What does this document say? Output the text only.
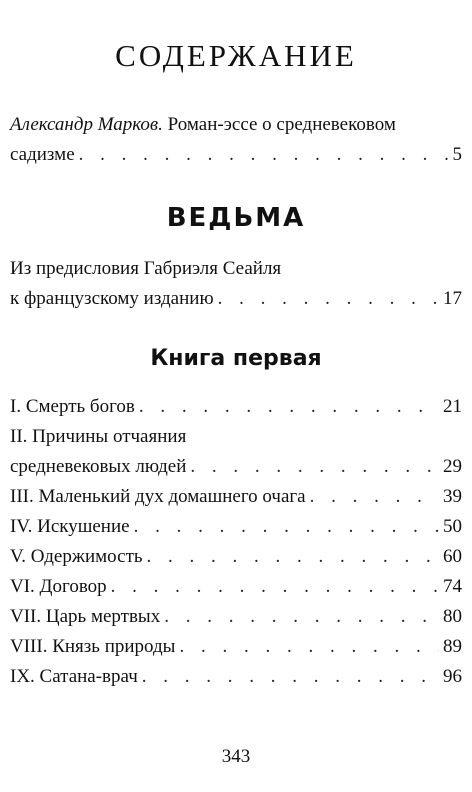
СОДЕРЖАНИЕ
Александр Марков. Роман-эссе о средневековом
садизме . . .	5
ВЕДЬМА
Из предисловия Габриэля Сеайля
к французскому изданию . . .	17
Книга первая
I. Смерть богов . . .	21
II. Причины отчаяния
средневековых людей . . .	29
III. Маленький дух домашнего очага . . .	39
IV. Искушение . . .	50
V. Одержимость . . .	60
VI. Договор . . .	74
VII. Царь мертвых . . .	80
VIII. Князь природы . . .	89
IX. Сатана-врач . . .	96
343
